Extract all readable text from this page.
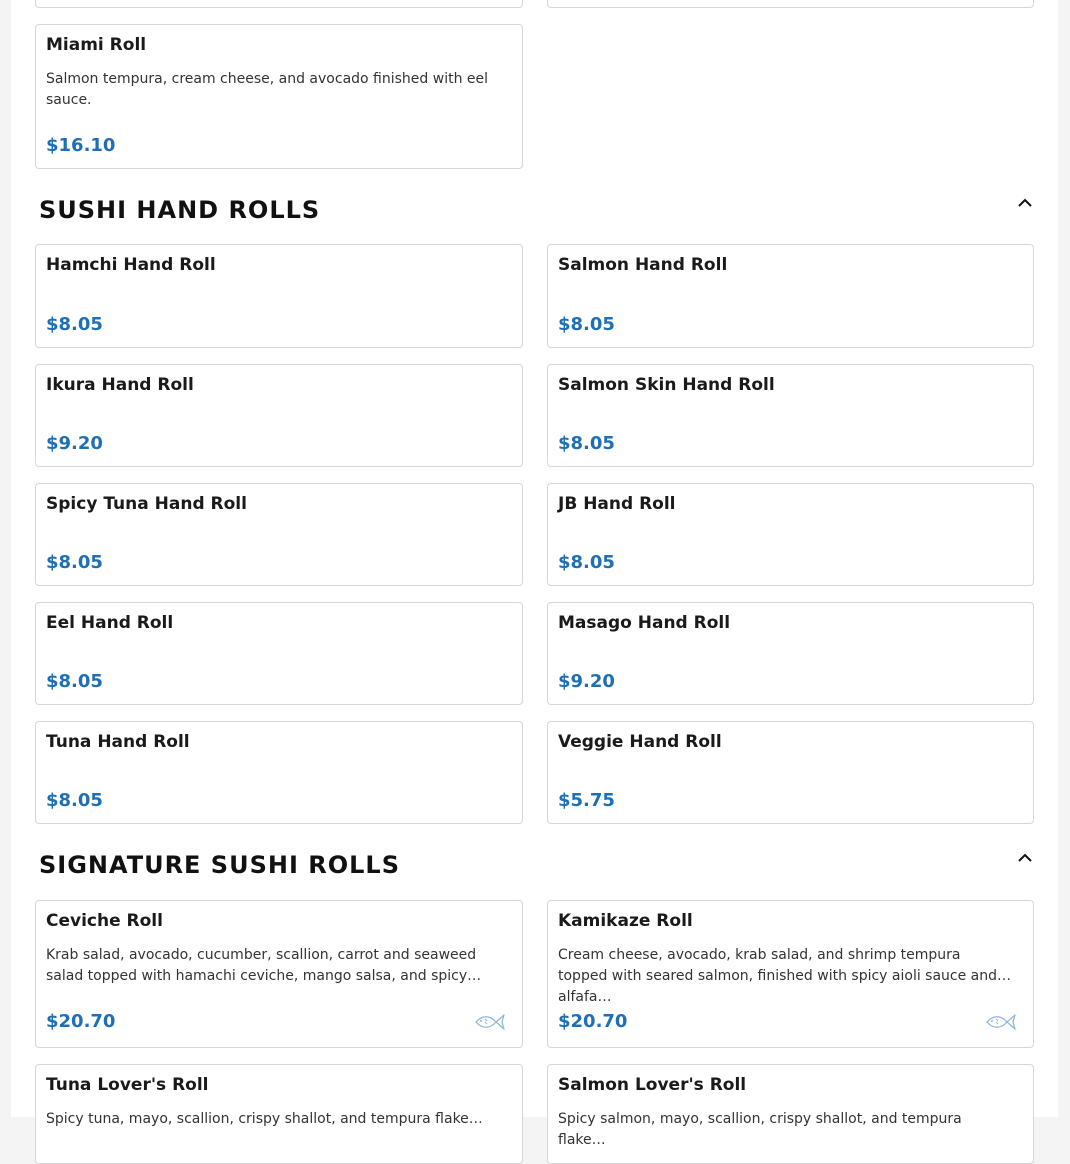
Miami Roll
Salmon tempura, cream cheese, and avocado finished with eel sauce.
$16.10
SUSHI HAND ROLLS
Hamchi Hand Roll
$8.05
Salmon Hand Roll
$8.05
Ikura Hand Roll
$9.20
Salmon Skin Hand Roll
$8.05
Spicy Tuna Hand Roll
$8.05
JB Hand Roll
$8.05
Eel Hand Roll
$8.05
Masago Hand Roll
$9.20
Tuna Hand Roll
$8.05
Veggie Hand Roll
$5.75
SIGNATURE SUSHI ROLLS
Ceviche Roll
Krab salad, avocado, cucumber, scallion, carrot and seaweed salad topped with hamachi ceviche, mango salsa, and spicy…
$20.70
Kamikaze Roll
Cream cheese, avocado, krab salad, and shrimp tempura topped with seared salmon, finished with spicy aioli sauce and alfafa…
$20.70
Tuna Lover's Roll
Spicy tuna, mayo, scallion, crispy shallot, and tempura flake…
Salmon Lover's Roll
Spicy salmon, mayo, scallion, crispy shallot, and tempura flake…
